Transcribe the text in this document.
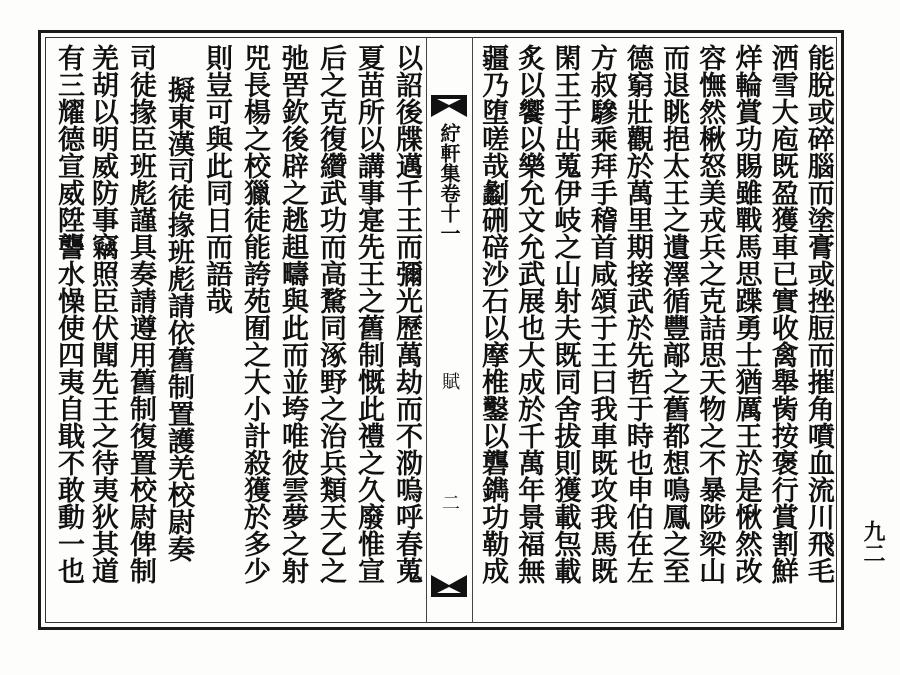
紵軒集卷十一
賦
二
以詔後牒邁千王而彌光歷萬劫而不泐嗚呼春蒐
夏苗所以講事寔先王之舊制慨此禮之久廢惟宣
后之克復纘武功而高騖同涿野之治兵類天乙之
弛罟欽後辟之趒趄疇與此而並垮唯彼雲夢之射
兕長楊之校獵徒能誇苑囿之大小計殺獲於多少
則豈可與此同日而語哉
擬東漢司徒掾班彪請依舊制置護羌校尉奏
司徒掾臣班彪謹具奏請遵用舊制復置校尉俾制
羌胡以明威防事竊照臣伏聞先王之待夷狄其道
有三耀德宣威陞讋水懆使四夷自戢不敢動一也	九二
能脫或碎腦而塗膏或挫脰而摧角噴血流川飛毛
洒雪大庖既盈獲車已實收禽舉胔按褒行賞割鮮
烊輪賞功賜雖戰馬思蹀勇士猶厲王於是愀然改
容憮然楸怒美戎兵之克詰思天物之不暴陟梁山
而退眺挹太王之遺澤循豐鄗之舊都想鳴鳳之至
德窮壯觀於萬里期接武於先哲于時也申伯在左
方叔驂乘拜手稽首咸頌于王曰我車既攻我馬既
閑王于出蒐伊岐之山射夫既同舍拔則獲載炰載
炙以饗以樂允文允武展也大成於千萬年景福無
疆乃堕嗟哉劙硎碚沙石以摩椎鑿以礱鐫功勒成
